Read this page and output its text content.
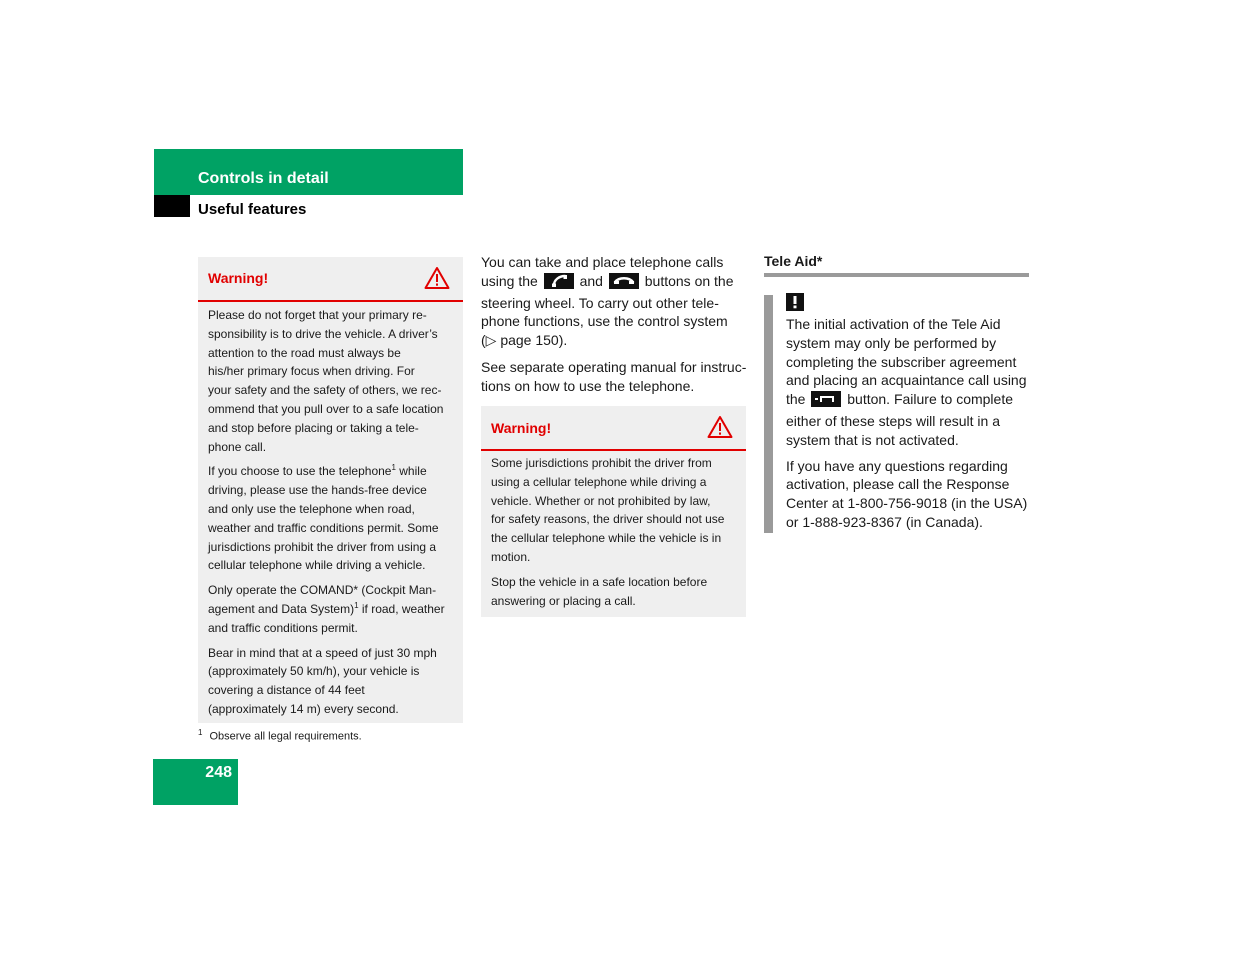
Controls in detail
Useful features
Warning!

Please do not forget that your primary re-
sponsibility is to drive the vehicle. A driver’s
attention to the road must always be
his/her primary focus when driving. For
your safety and the safety of others, we rec-
ommend that you pull over to a safe location
and stop before placing or taking a tele-
phone call.

If you choose to use the telephone$^1$ while
driving, please use the hands-free device
and only use the telephone when road,
weather and traffic conditions permit. Some
jurisdictions prohibit the driver from using a
cellular telephone while driving a vehicle.

Only operate the COMAND* (Cockpit Man-
agement and Data System)$^1$ if road, weather
and traffic conditions permit.

Bear in mind that at a speed of just 30 mph
(approximately 50 km/h), your vehicle is
covering a distance of 44 feet
(approximately 14 m) every second.

$^1$ Observe all legal requirements.
248

You can take and place telephone calls
using the	and	buttons on the
steering wheel. To carry out other tele-
phone functions, use the control system
(▷ page 150).

See separate operating manual for instruc-
tions on how to use the telephone.

Warning!

Some jurisdictions prohibit the driver from
using a cellular telephone while driving a
vehicle. Whether or not prohibited by law,
for safety reasons, the driver should not use
the cellular telephone while the vehicle is in
motion.

Stop the vehicle in a safe location before
answering or placing a call.

Tele Aid*

The initial activation of the Tele Aid
system may only be performed by
completing the subscriber agreement
and placing an acquaintance call using
the	button. Failure to complete
either of these steps will result in a
system that is not activated.

If you have any questions regarding
activation, please call the Response
Center at 1-800-756-9018 (in the USA)
or 1-888-923-8367 (in Canada).
